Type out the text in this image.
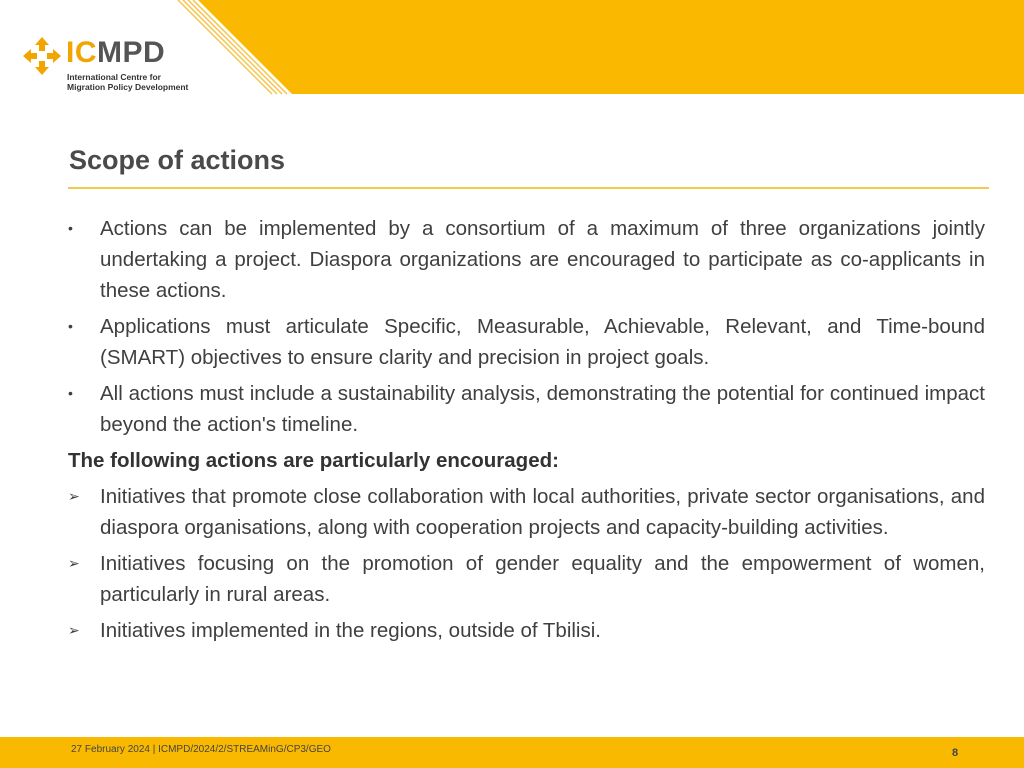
ICMPD
International Centre for
Migration Policy Development
Scope of actions
•	Actions can be implemented by a consortium of a maximum of three organizations jointly undertaking a project. Diaspora organizations are encouraged to participate as co-applicants in these actions.
•	Applications must articulate Specific, Measurable, Achievable, Relevant, and Time-bound (SMART) objectives to ensure clarity and precision in project goals.
•	All actions must include a sustainability analysis, demonstrating the potential for continued impact beyond the action's timeline.
The following actions are particularly encouraged:
➢ Initiatives that promote close collaboration with local authorities, private sector organisations, and diaspora organisations, along with cooperation projects and capacity-building activities.
➢ Initiatives focusing on the promotion of gender equality and the empowerment of women, particularly in rural areas.
➢ Initiatives implemented in the regions, outside of Tbilisi.
27 February 2024 | ICMPD/2024/2/STREAMinG/CP3/GEO	8
